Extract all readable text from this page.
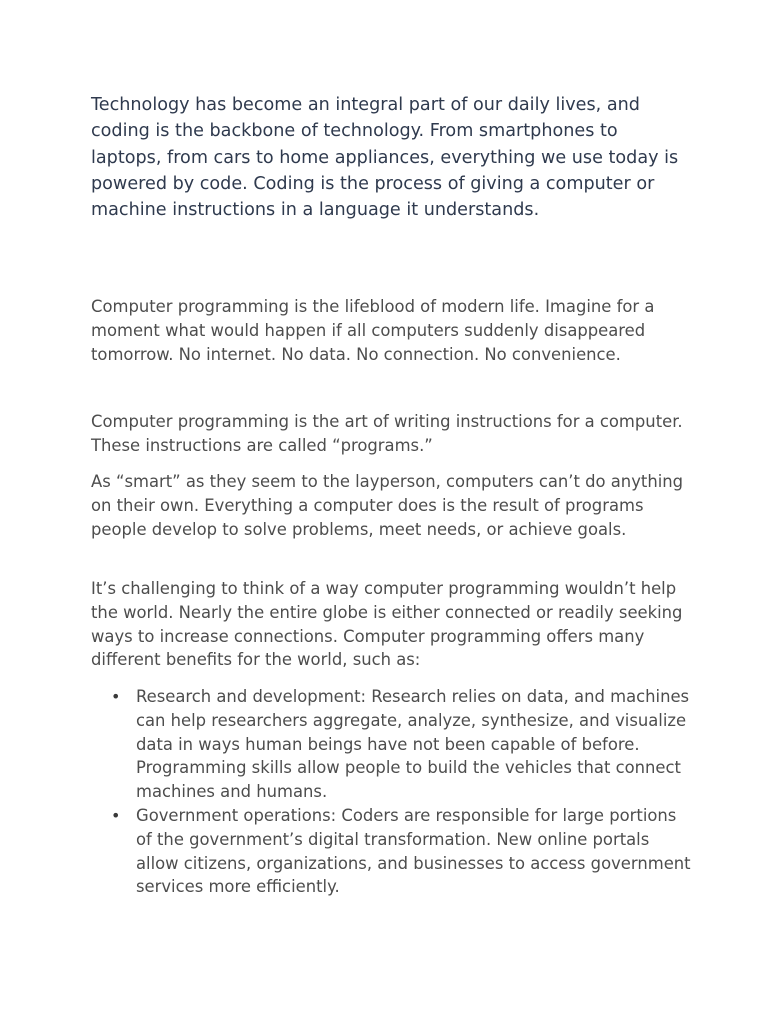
Technology has become an integral part of our daily lives, and coding is the backbone of technology. From smartphones to laptops, from cars to home appliances, everything we use today is powered by code. Coding is the process of giving a computer or machine instructions in a language it understands.

Computer programming is the lifeblood of modern life. Imagine for a moment what would happen if all computers suddenly disappeared tomorrow. No internet. No data. No connection. No convenience.

Computer programming is the art of writing instructions for a computer. These instructions are called “programs.”

As “smart” as they seem to the layperson, computers can’t do anything on their own. Everything a computer does is the result of programs people develop to solve problems, meet needs, or achieve goals.

It’s challenging to think of a way computer programming wouldn’t help the world. Nearly the entire globe is either connected or readily seeking ways to increase connections. Computer programming offers many different benefits for the world, such as:

• Research and development: Research relies on data, and machines can help researchers aggregate, analyze, synthesize, and visualize data in ways human beings have not been capable of before. Programming skills allow people to build the vehicles that connect machines and humans.
• Government operations: Coders are responsible for large portions of the government’s digital transformation. New online portals allow citizens, organizations, and businesses to access government services more efficiently.
